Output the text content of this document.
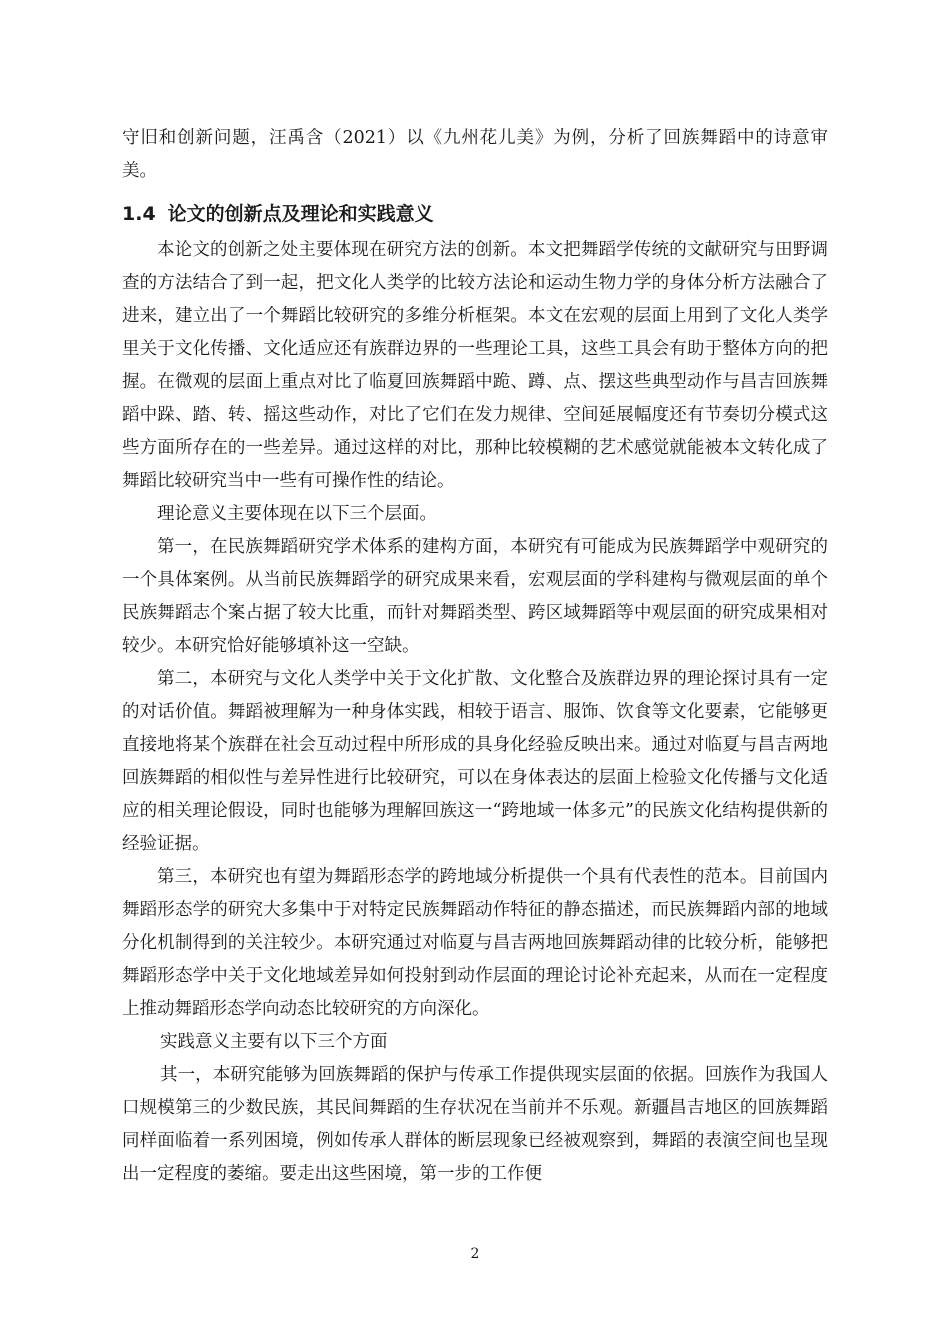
守旧和创新问题，汪禹含（2021）以《九州花儿美》为例，分析了回族舞蹈中的诗意审美。

1.4 论文的创新点及理论和实践意义

本论文的创新之处主要体现在研究方法的创新。本文把舞蹈学传统的文献研究与田野调查的方法结合了到一起，把文化人类学的比较方法论和运动生物力学的身体分析方法融合了进来，建立出了一个舞蹈比较研究的多维分析框架。本文在宏观的层面上用到了文化人类学里关于文化传播、文化适应还有族群边界的一些理论工具，这些工具会有助于整体方向的把握。在微观的层面上重点对比了临夏回族舞蹈中跪、蹲、点、摆这些典型动作与昌吉回族舞蹈中跺、踏、转、摇这些动作，对比了它们在发力规律、空间延展幅度还有节奏切分模式这些方面所存在的一些差异。通过这样的对比，那种比较模糊的艺术感觉就能被本文转化成了舞蹈比较研究当中一些有可操作性的结论。

理论意义主要体现在以下三个层面。

第一，在民族舞蹈研究学术体系的建构方面，本研究有可能成为民族舞蹈学中观研究的一个具体案例。从当前民族舞蹈学的研究成果来看，宏观层面的学科建构与微观层面的单个民族舞蹈志个案占据了较大比重，而针对舞蹈类型、跨区域舞蹈等中观层面的研究成果相对较少。本研究恰好能够填补这一空缺。

第二，本研究与文化人类学中关于文化扩散、文化整合及族群边界的理论探讨具有一定的对话价值。舞蹈被理解为一种身体实践，相较于语言、服饰、饮食等文化要素，它能够更直接地将某个族群在社会互动过程中所形成的具身化经验反映出来。通过对临夏与昌吉两地回族舞蹈的相似性与差异性进行比较研究，可以在身体表达的层面上检验文化传播与文化适应的相关理论假设，同时也能够为理解回族这一“跨地域一体多元”的民族文化结构提供新的经验证据。

第三，本研究也有望为舞蹈形态学的跨地域分析提供一个具有代表性的范本。目前国内舞蹈形态学的研究大多集中于对特定民族舞蹈动作特征的静态描述，而民族舞蹈内部的地域分化机制得到的关注较少。本研究通过对临夏与昌吉两地回族舞蹈动律的比较分析，能够把舞蹈形态学中关于文化地域差异如何投射到动作层面的理论讨论补充起来，从而在一定程度上推动舞蹈形态学向动态比较研究的方向深化。

实践意义主要有以下三个方面

其一，本研究能够为回族舞蹈的保护与传承工作提供现实层面的依据。回族作为我国人口规模第三的少数民族，其民间舞蹈的生存状况在当前并不乐观。新疆昌吉地区的回族舞蹈同样面临着一系列困境，例如传承人群体的断层现象已经被观察到，舞蹈的表演空间也呈现出一定程度的萎缩。要走出这些困境，第一步的工作便

2
